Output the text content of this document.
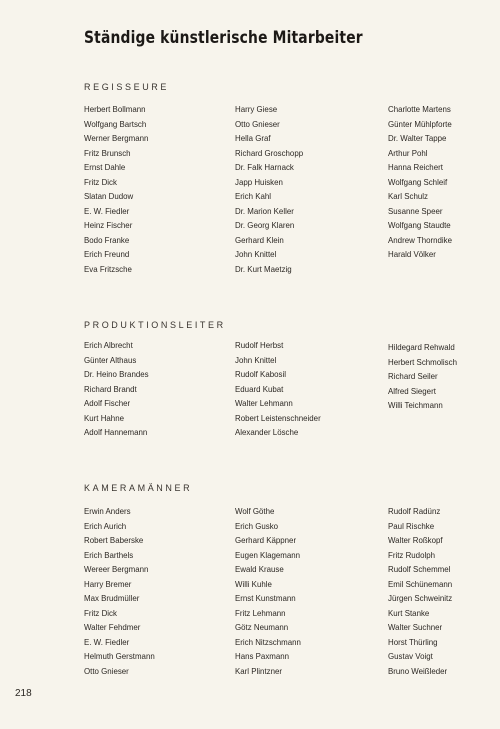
Ständige künstlerische Mitarbeiter
REGISSEURE
Herbert Bollmann
Wolfgang Bartsch
Werner Bergmann
Fritz Brunsch
Ernst Dahle
Fritz Dick
Slatan Dudow
E. W. Fiedler
Heinz Fischer
Bodo Franke
Erich Freund
Eva Fritzsche
Harry Giese
Otto Gnieser
Hella Graf
Richard Groschopp
Dr. Falk Harnack
Japp Huisken
Erich Kahl
Dr. Marion Keller
Dr. Georg Klaren
Gerhard Klein
John Knittel
Dr. Kurt Maetzig
Charlotte Martens
Günter Mühlpforte
Dr. Walter Tappe
Arthur Pohl
Hanna Reichert
Wolfgang Schleif
Karl Schulz
Susanne Speer
Wolfgang Staudte
Andrew Thorndike
Harald Völker
PRODUKTIONSLEITER
Erich Albrecht
Günter Althaus
Dr. Heino Brandes
Richard Brandt
Adolf Fischer
Kurt Hahne
Adolf Hannemann
Rudolf Herbst
John Knittel
Rudolf Kabosil
Eduard Kubat
Walter Lehmann
Robert Leistenschneider
Alexander Lösche
Hildegard Rehwald
Herbert Schmolisch
Richard Seiler
Alfred Siegert
Willi Teichmann
KAMERAMÄNNER
Erwin Anders
Erich Aurich
Robert Baberske
Erich Barthels
Wereer Bergmann
Harry Bremer
Max Brudmüller
Fritz Dick
Walter Fehdmer
E. W. Fiedler
Helmuth Gerstmann
Otto Gnieser
Wolf Göthe
Erich Gusko
Gerhard Käppner
Eugen Klagemann
Ewald Krause
Willi Kuhle
Ernst Kunstmann
Fritz Lehmann
Götz Neumann
Erich Nitzschmann
Hans Paxmann
Karl Plintzner
Rudolf Radünz
Paul Rischke
Walter Roßkopf
Fritz Rudolph
Rudolf Schemmel
Emil Schünemann
Jürgen Schweinitz
Kurt Stanke
Walter Suchner
Horst Thürling
Gustav Voigt
Bruno Weißleder
218
